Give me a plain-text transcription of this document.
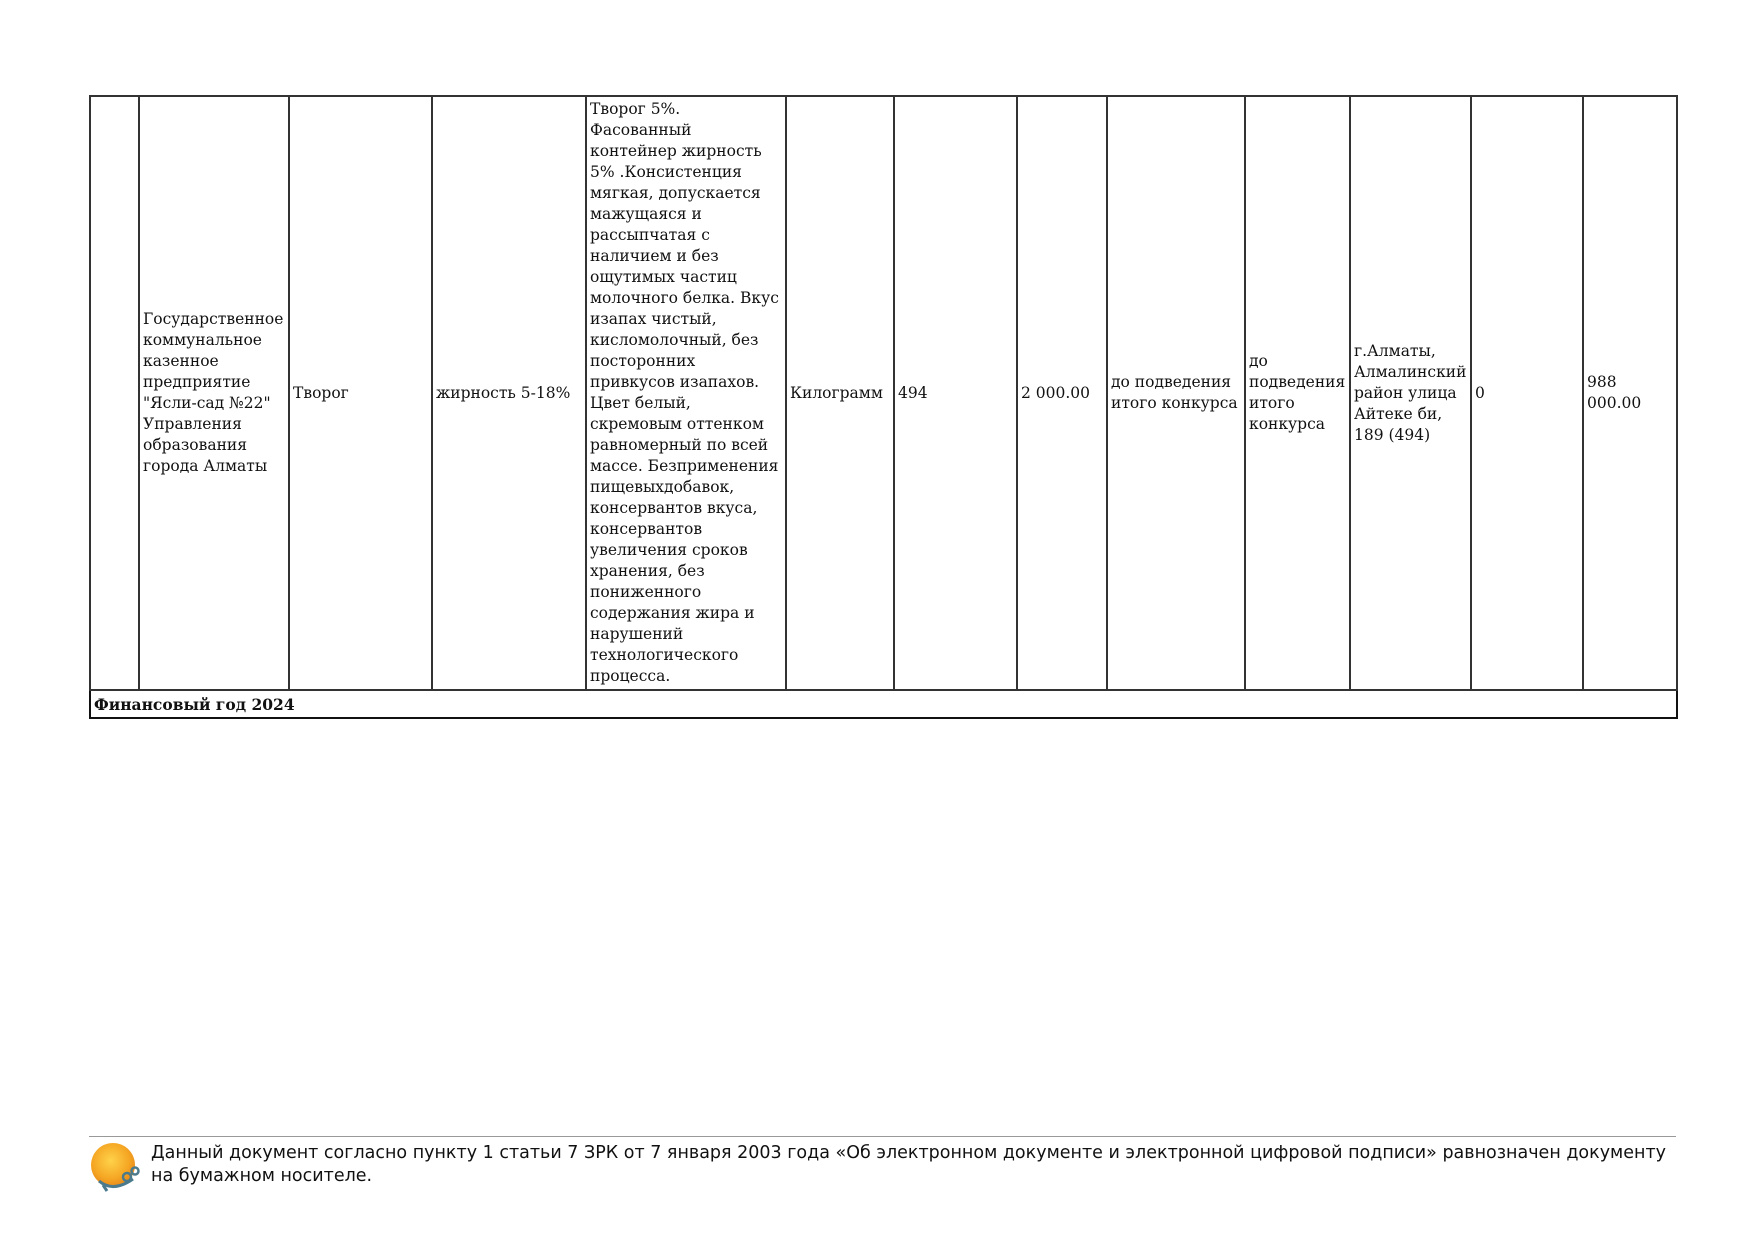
	Государственное коммунальное казенное предприятие "Ясли-сад №22" Управления образования города Алматы	Творог	жирность 5-18%	Творог 5%. Фасованный контейнер жирность 5% .Консистенция мягкая, допускается мажущаяся и рассыпчатая с наличием и без ощутимых частиц молочного белка. Вкус изапах чистый, кисломолочный, без посторонних привкусов изапахов. Цвет белый, скремовым оттенком равномерный по всей массе. Безприменения пищевыхдобавок, консервантов вкуса, консервантов увеличения сроков хранения, без пониженного содержания жира и нарушений технологического процесса.	Килограмм	494	2 000.00	до подведения итого конкурса	до подведения итого конкурса	г.Алматы, Алмалинский район улица Айтеке би, 189 (494)	0	988 000.00
Финансовый год 2024
Данный документ согласно пункту 1 статьи 7 ЗРК от 7 января 2003 года «Об электронном документе и электронной цифровой подписи» равнозначен документу на бумажном носителе.
